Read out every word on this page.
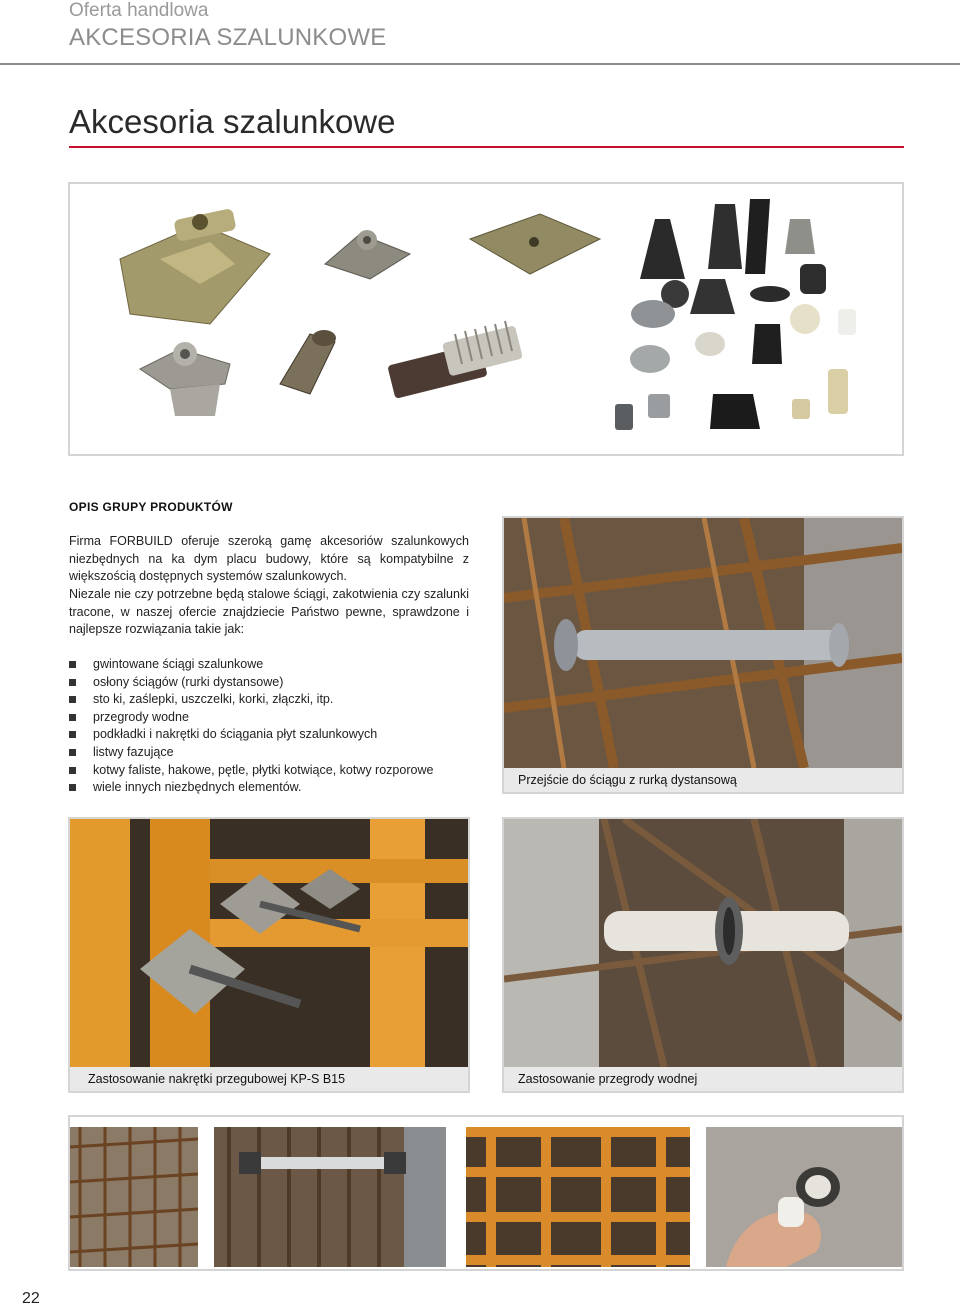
Oferta handlowa
AKCESORIA SZALUNKOWE
Akcesoria szalunkowe
OPIS GRUPY PRODUKTÓW

Firma FORBUILD oferuje szeroką gamę akcesoriów szalunkowych niezbędnych na ka dym placu budowy, które są kompatybilne z większością dostępnych systemów szalunkowych.

Niezale nie czy potrzebne będą stalowe ściągi, zakotwienia czy szalunki tracone, w naszej ofercie znajdziecie Państwo pewne, sprawdzone i najlepsze rozwiązania takie jak:

gwintowane ściągi szalunkowe
osłony ściągów (rurki dystansowe)
sto ki, zaślepki, uszczelki, korki, złączki, itp.
przegrody wodne
podkładki i nakrętki do ściągania płyt szalunkowych
listwy fazujące
kotwy faliste, hakowe, pętle, płytki kotwiące, kotwy rozporowe
wiele innych niezbędnych elementów.
Przejście do ściągu z rurką dystansową
Zastosowanie nakrętki przegubowej KP-S B15	Zastosowanie przegrody wodnej
22
